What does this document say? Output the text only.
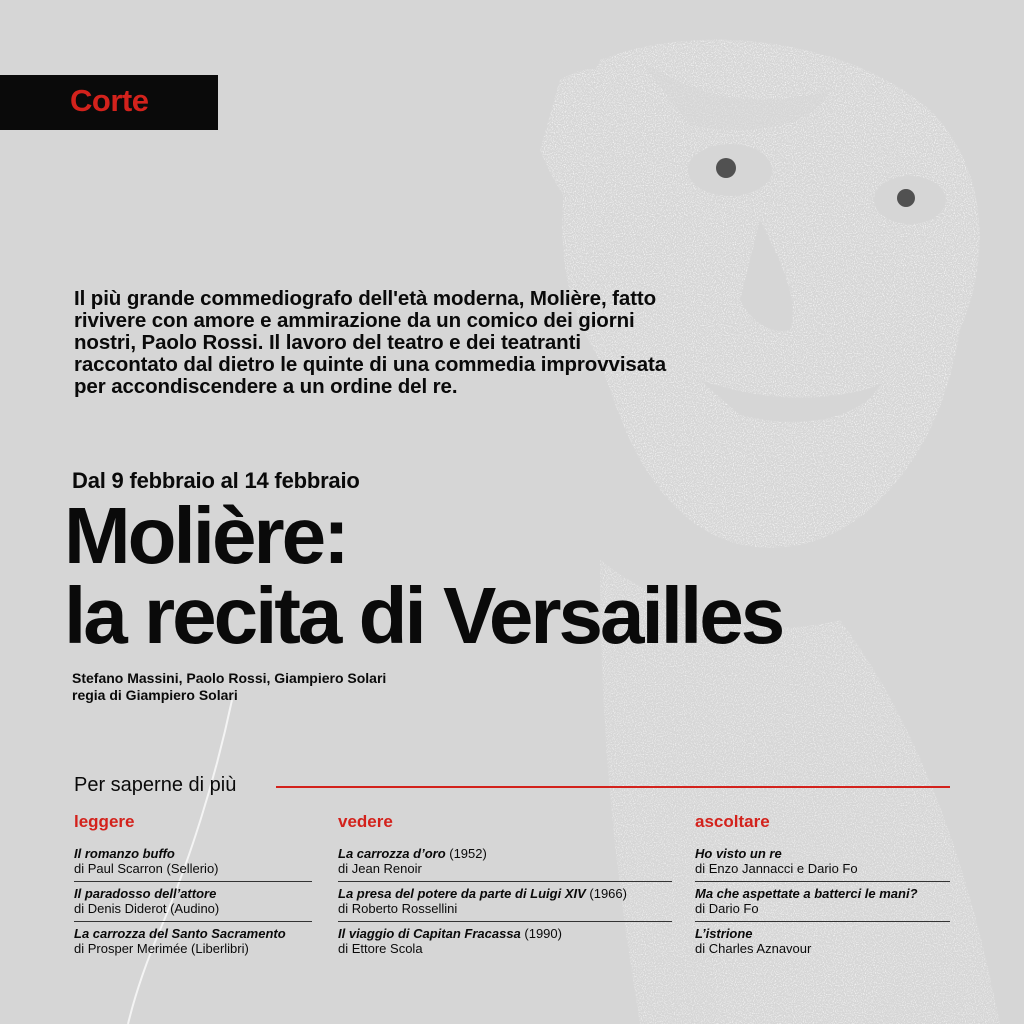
Corte

Il più grande commediografo dell'età moderna, Molière, fatto rivivere con amore e ammirazione da un comico dei giorni nostri, Paolo Rossi. Il lavoro del teatro e dei teatranti raccontato dal dietro le quinte di una commedia improvvisata per accondiscendere a un ordine del re.

Dal 9 febbraio al 14 febbraio

Molière:
la recita di Versailles
Stefano Massini, Paolo Rossi, Giampiero Solari
regia di Giampiero Solari
Per saperne di più
leggere
Il romanzo buffo
di Paul Scarron (Sellerio)
Il paradosso dell’attore
di Denis Diderot (Audino)
La carrozza del Santo Sacramento
di Prosper Merimée (Liberlibri)
vedere
La carrozza d’oro (1952)
di Jean Renoir
La presa del potere da parte di Luigi XIV (1966)
di Roberto Rossellini
Il viaggio di Capitan Fracassa (1990)
di Ettore Scola
ascoltare
Ho visto un re
di Enzo Jannacci e Dario Fo
Ma che aspettate a batterci le mani?
di Dario Fo
L’istrione
di Charles Aznavour
